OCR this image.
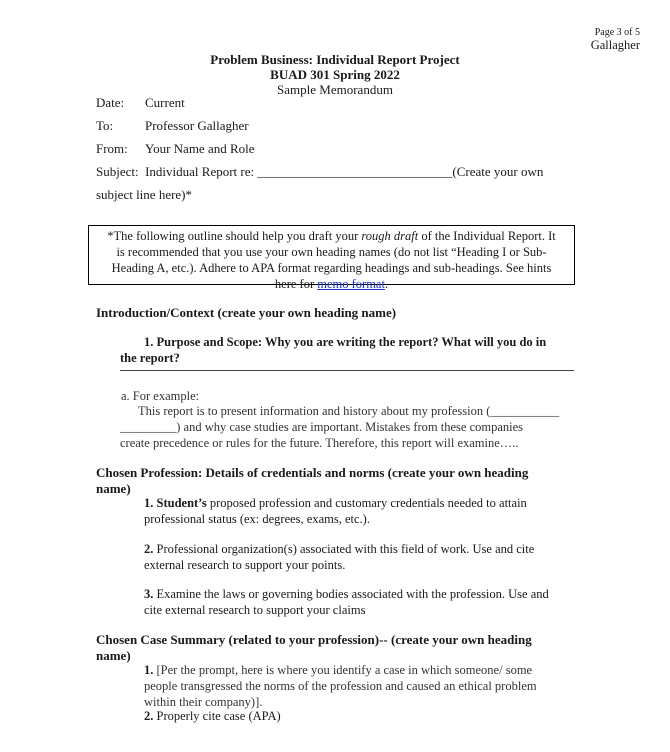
Page 3 of 5
Gallagher
Problem Business: Individual Report Project
BUAD 301 Spring 2022
Sample Memorandum
Date: Current
To: Professor Gallagher
From: Your Name and Role
Subject:  Individual Report re: ______________________________(Create your own
subject line here)*
*The following outline should help you draft your rough draft of the Individual Report. It
is recommended that you use your own heading names (do not list “Heading I or Sub-
Heading A, etc.). Adhere to APA format regarding headings and sub-headings. See hints
here for memo format.
Introduction/Context (create your own heading name)
1. Purpose and Scope: Why you are writing the report? What will you do in
the report?
a. For example:
This report is to present information and history about my profession (___________
_________) and why case studies are important. Mistakes from these companies
create precedence or rules for the future. Therefore, this report will examine…..
Chosen Profession: Details of credentials and norms (create your own heading
name)
1. Student’s proposed profession and customary credentials needed to attain
professional status (ex: degrees, exams, etc.).
2. Professional organization(s) associated with this field of work. Use and cite
external research to support your points.
3. Examine the laws or governing bodies associated with the profession. Use and
cite external research to support your claims
Chosen Case Summary (related to your profession)-- (create your own heading
name)
1. [Per the prompt, here is where you identify a case in which someone/ some
people transgressed the norms of the profession and caused an ethical problem
within their company)].
2. Properly cite case (APA)
